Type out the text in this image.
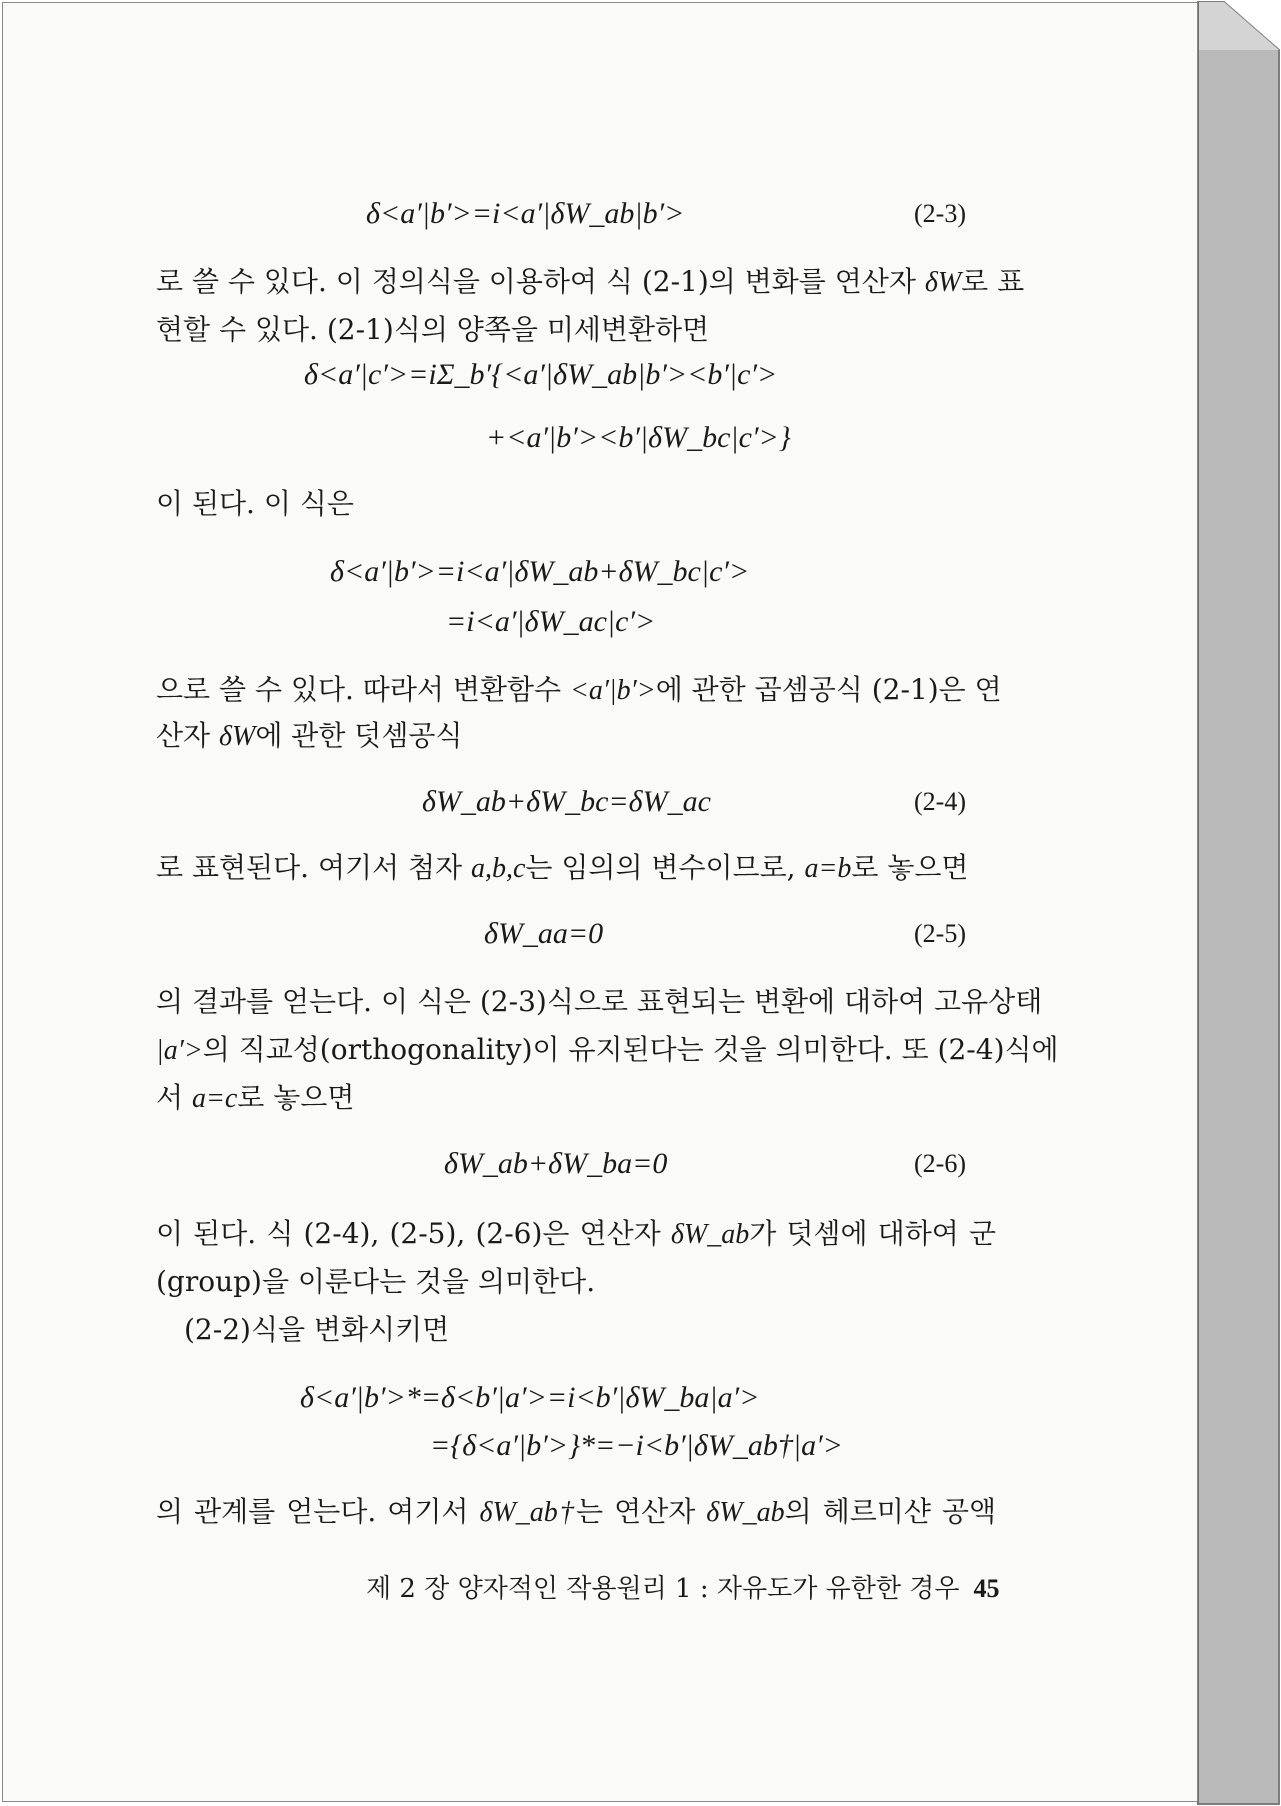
δ<a′|b′>=i<a′|δW_ab|b′>	(2-3)
로 쓸 수 있다. 이 정의식을 이용하여 식 (2-1)의 변화를 연산자 δW로 표
현할 수 있다. (2-1)식의 양쪽을 미세변환하면
δ<a′|c′>=iΣ_b′{<a′|δW_ab|b′><b′|c′>
+<a′|b′><b′|δW_bc|c′>}
이 된다. 이 식은
δ<a′|b′>=i<a′|δW_ab+δW_bc|c′>
=i<a′|δW_ac|c′>
으로 쓸 수 있다. 따라서 변환함수 <a′|b′>에 관한 곱셈공식 (2-1)은 연
산자 δW에 관한 덧셈공식
δW_ab+δW_bc=δW_ac	(2-4)
로 표현된다. 여기서 첨자 a,b,c는 임의의 변수이므로, a=b로 놓으면
δW_aa=0	(2-5)
의 결과를 얻는다. 이 식은 (2-3)식으로 표현되는 변환에 대하여 고유상태
|a′>의 직교성(orthogonality)이 유지된다는 것을 의미한다. 또 (2-4)식에
서 a=c로 놓으면
δW_ab+δW_ba=0	(2-6)
이 된다. 식 (2-4), (2-5), (2-6)은 연산자 δW_ab가 덧셈에 대하여 군
(group)을 이룬다는 것을 의미한다.
(2-2)식을 변화시키면
δ<a′|b′>*=δ<b′|a′>=i<b′|δW_ba|a′>
={δ<a′|b′>}*=−i<b′|δW_ab†|a′>
의 관계를 얻는다. 여기서 δW_ab†는 연산자 δW_ab의 헤르미샨 공액
제 2 장 양자적인 작용원리 1 : 자유도가 유한한 경우 45
